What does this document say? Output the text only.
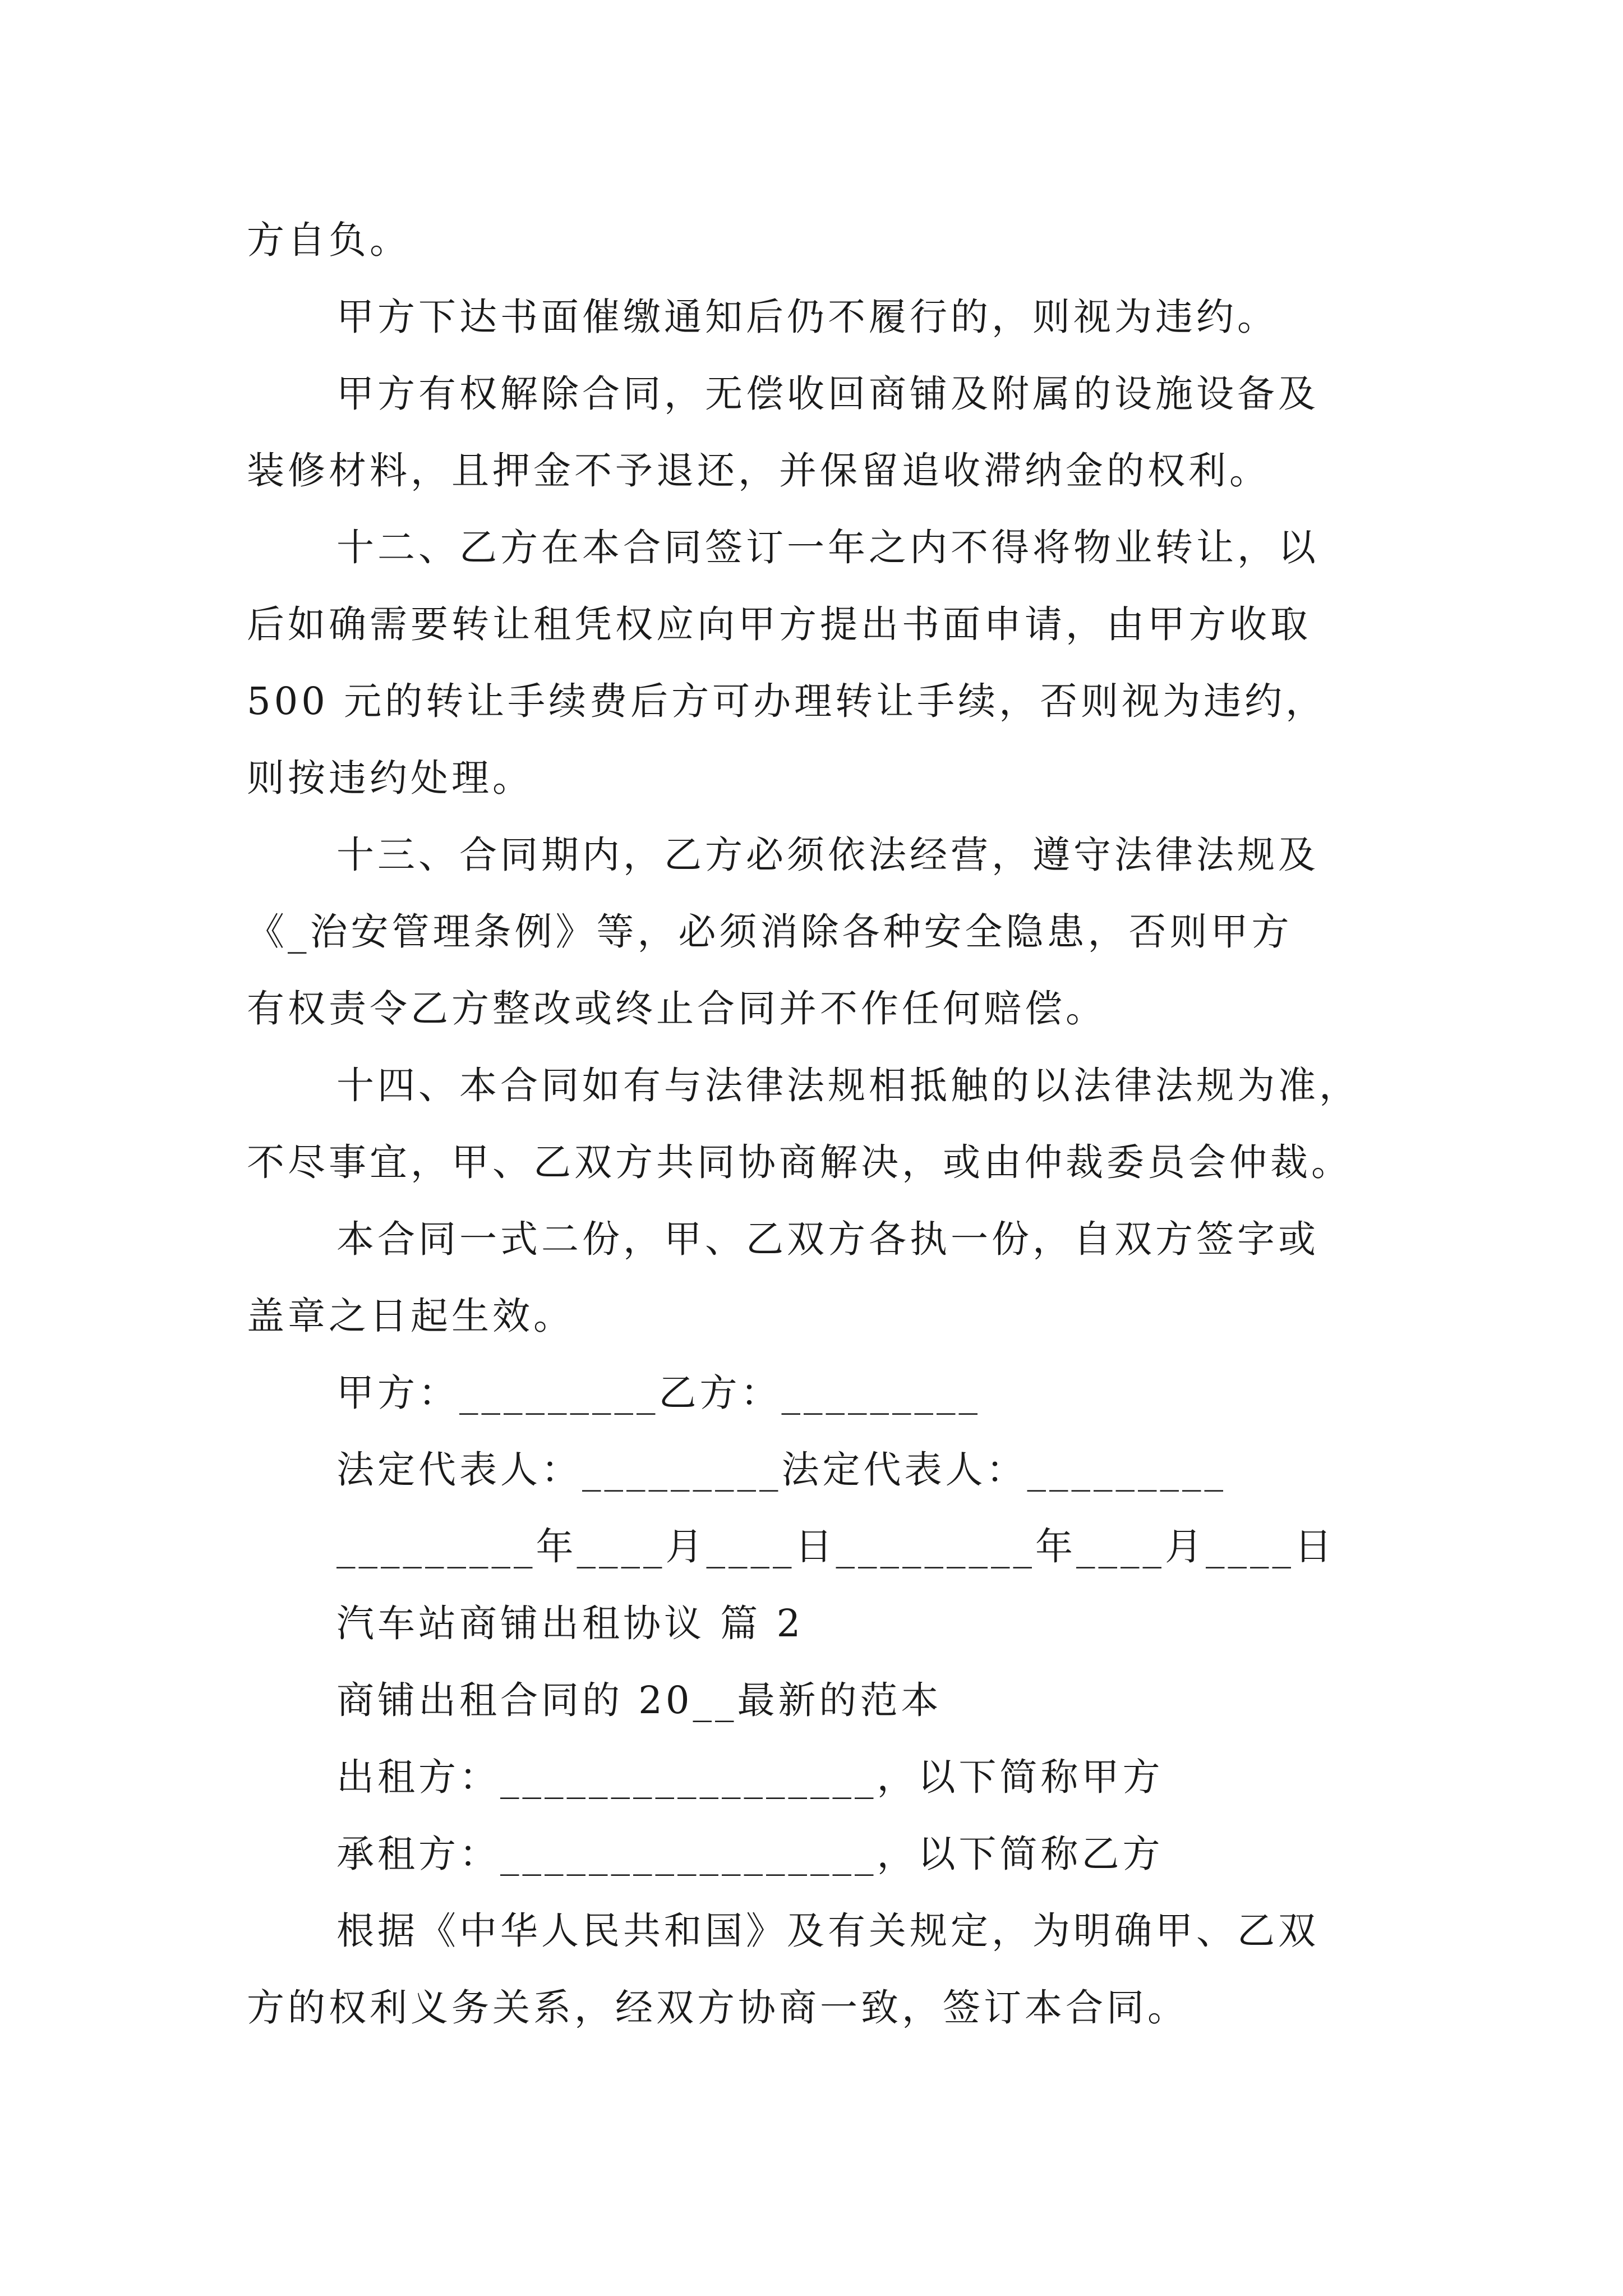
方自负。
甲方下达书面催缴通知后仍不履行的，则视为违约。
甲方有权解除合同，无偿收回商铺及附属的设施设备及
装修材料，且押金不予退还，并保留追收滞纳金的权利。
十二、乙方在本合同签订一年之内不得将物业转让，以
后如确需要转让租凭权应向甲方提出书面申请，由甲方收取
500 元的转让手续费后方可办理转让手续，否则视为违约，
则按违约处理。
十三、合同期内，乙方必须依法经营，遵守法律法规及
《_治安管理条例》等，必须消除各种安全隐患，否则甲方
有权责令乙方整改或终止合同并不作任何赔偿。
十四、本合同如有与法律法规相抵触的以法律法规为准，
不尽事宜，甲、乙双方共同协商解决，或由仲裁委员会仲裁。
本合同一式二份，甲、乙双方各执一份，自双方签字或
盖章之日起生效。
甲方：_________乙方：_________
法定代表人：_________法定代表人：_________
_________年____月____日_________年____月____日
汽车站商铺出租协议 篇 2
商铺出租合同的 20__最新的范本
出租方：_________________，以下简称甲方
承租方：_________________，以下简称乙方
根据《中华人民共和国》及有关规定，为明确甲、乙双
方的权利义务关系，经双方协商一致，签订本合同。
